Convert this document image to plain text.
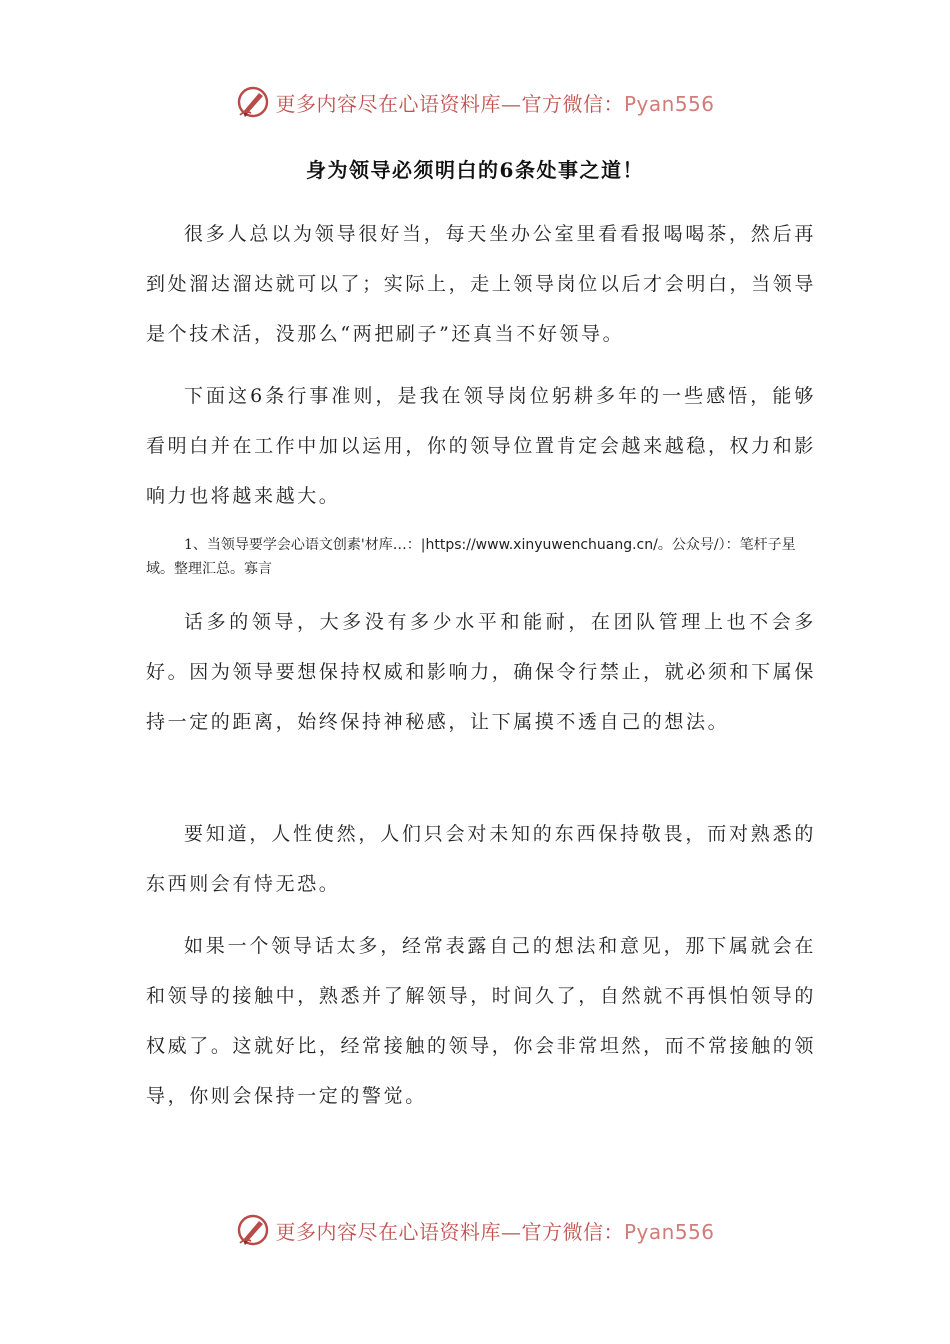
更多内容尽在心语资料库—官方微信：Pyan556
身为领导必须明白的6条处事之道！

很多人总以为领导很好当，每天坐办公室里看看报喝喝茶，然后再到处溜达溜达就可以了；实际上，走上领导岗位以后才会明白，当领导是个技术活，没那么“两把刷子”还真当不好领导。

下面这6条行事准则，是我在领导岗位躬耕多年的一些感悟，能够看明白并在工作中加以运用，你的领导位置肯定会越来越稳，权力和影响力也将越来越大。

1、当领导要学会心语文创素'材库…：|https://www.xinyuwenchuang.cn/。公众号/）：笔杆子星域。整理汇总。寡言

话多的领导，大多没有多少水平和能耐，在团队管理上也不会多好。因为领导要想保持权威和影响力，确保令行禁止，就必须和下属保持一定的距离，始终保持神秘感，让下属摸不透自己的想法。

要知道，人性使然，人们只会对未知的东西保持敬畏，而对熟悉的东西则会有恃无恐。

如果一个领导话太多，经常表露自己的想法和意见，那下属就会在和领导的接触中，熟悉并了解领导，时间久了，自然就不再惧怕领导的权威了。这就好比，经常接触的领导，你会非常坦然，而不常接触的领导，你则会保持一定的警觉。

更多内容尽在心语资料库—官方微信：Pyan556
